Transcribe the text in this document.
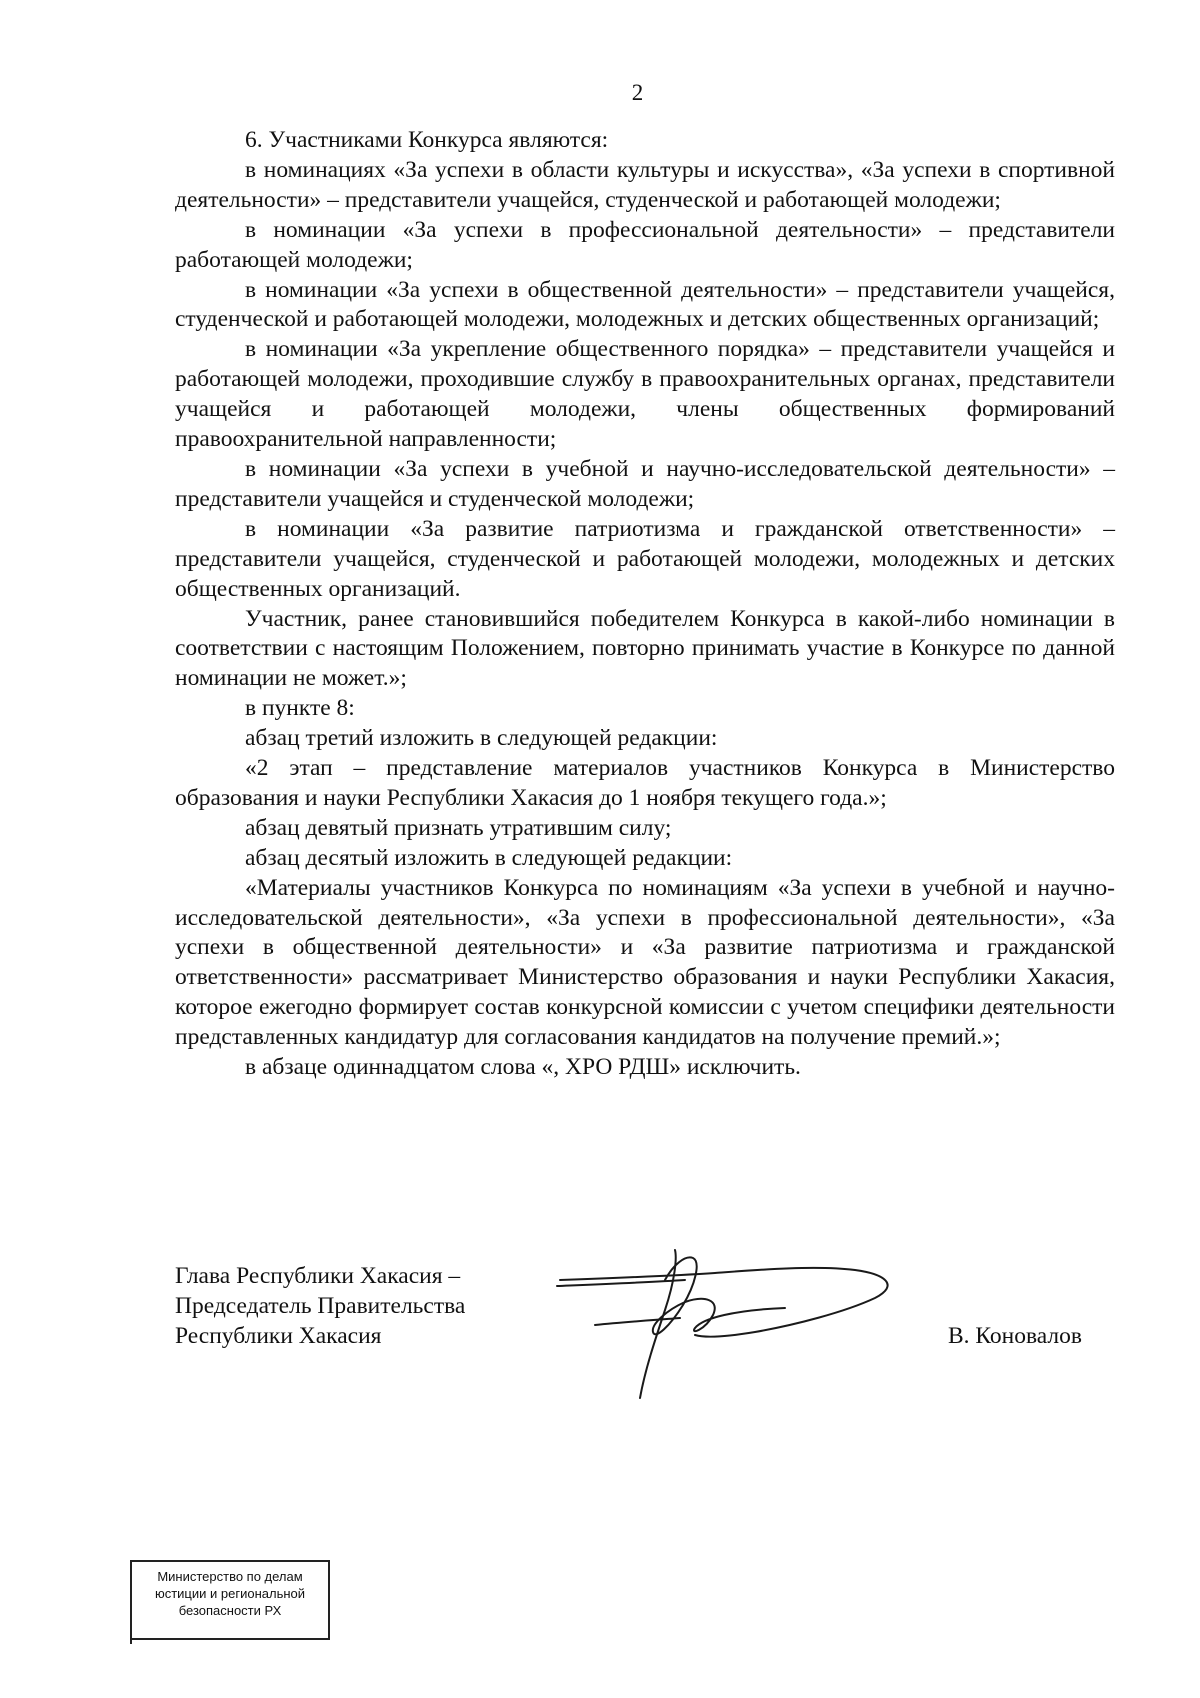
2

6. Участниками Конкурса являются:

в номинациях «За успехи в области культуры и искусства», «За успехи в спортивной деятельности» – представители учащейся, студенческой и работающей молодежи;

в номинации «За успехи в профессиональной деятельности» – представители работающей молодежи;

в номинации «За успехи в общественной деятельности» – представители учащейся, студенческой и работающей молодежи, молодежных и детских общественных организаций;

в номинации «За укрепление общественного порядка» – представители учащейся и работающей молодежи, проходившие службу в правоохранительных органах, представители учащейся и работающей молодежи, члены общественных формирований правоохранительной направленности;

в номинации «За успехи в учебной и научно-исследовательской деятельности» – представители учащейся и студенческой молодежи;

в номинации «За развитие патриотизма и гражданской ответственности» – представители учащейся, студенческой и работающей молодежи, молодежных и детских общественных организаций.

Участник, ранее становившийся победителем Конкурса в какой-либо номинации в соответствии с настоящим Положением, повторно принимать участие в Конкурсе по данной номинации не может.»;

в пункте 8:

абзац третий изложить в следующей редакции:

«2 этап – представление материалов участников Конкурса в Министерство образования и науки Республики Хакасия до 1 ноября текущего года.»;

абзац девятый признать утратившим силу;

абзац десятый изложить в следующей редакции:

«Материалы участников Конкурса по номинациям «За успехи в учебной и научно-исследовательской деятельности», «За успехи в профессиональной деятельности», «За успехи в общественной деятельности» и «За развитие патриотизма и гражданской ответственности» рассматривает Министерство образования и науки Республики Хакасия, которое ежегодно формирует состав конкурсной комиссии с учетом специфики деятельности представленных кандидатур для согласования кандидатов на получение премий.»;

в абзаце одиннадцатом слова «, ХРО РДШ» исключить.

Глава Республики Хакасия –
Председатель Правительства
Республики Хакасия	В. Коновалов
Министерство по делам
юстиции и региональной
безопасности РХ
